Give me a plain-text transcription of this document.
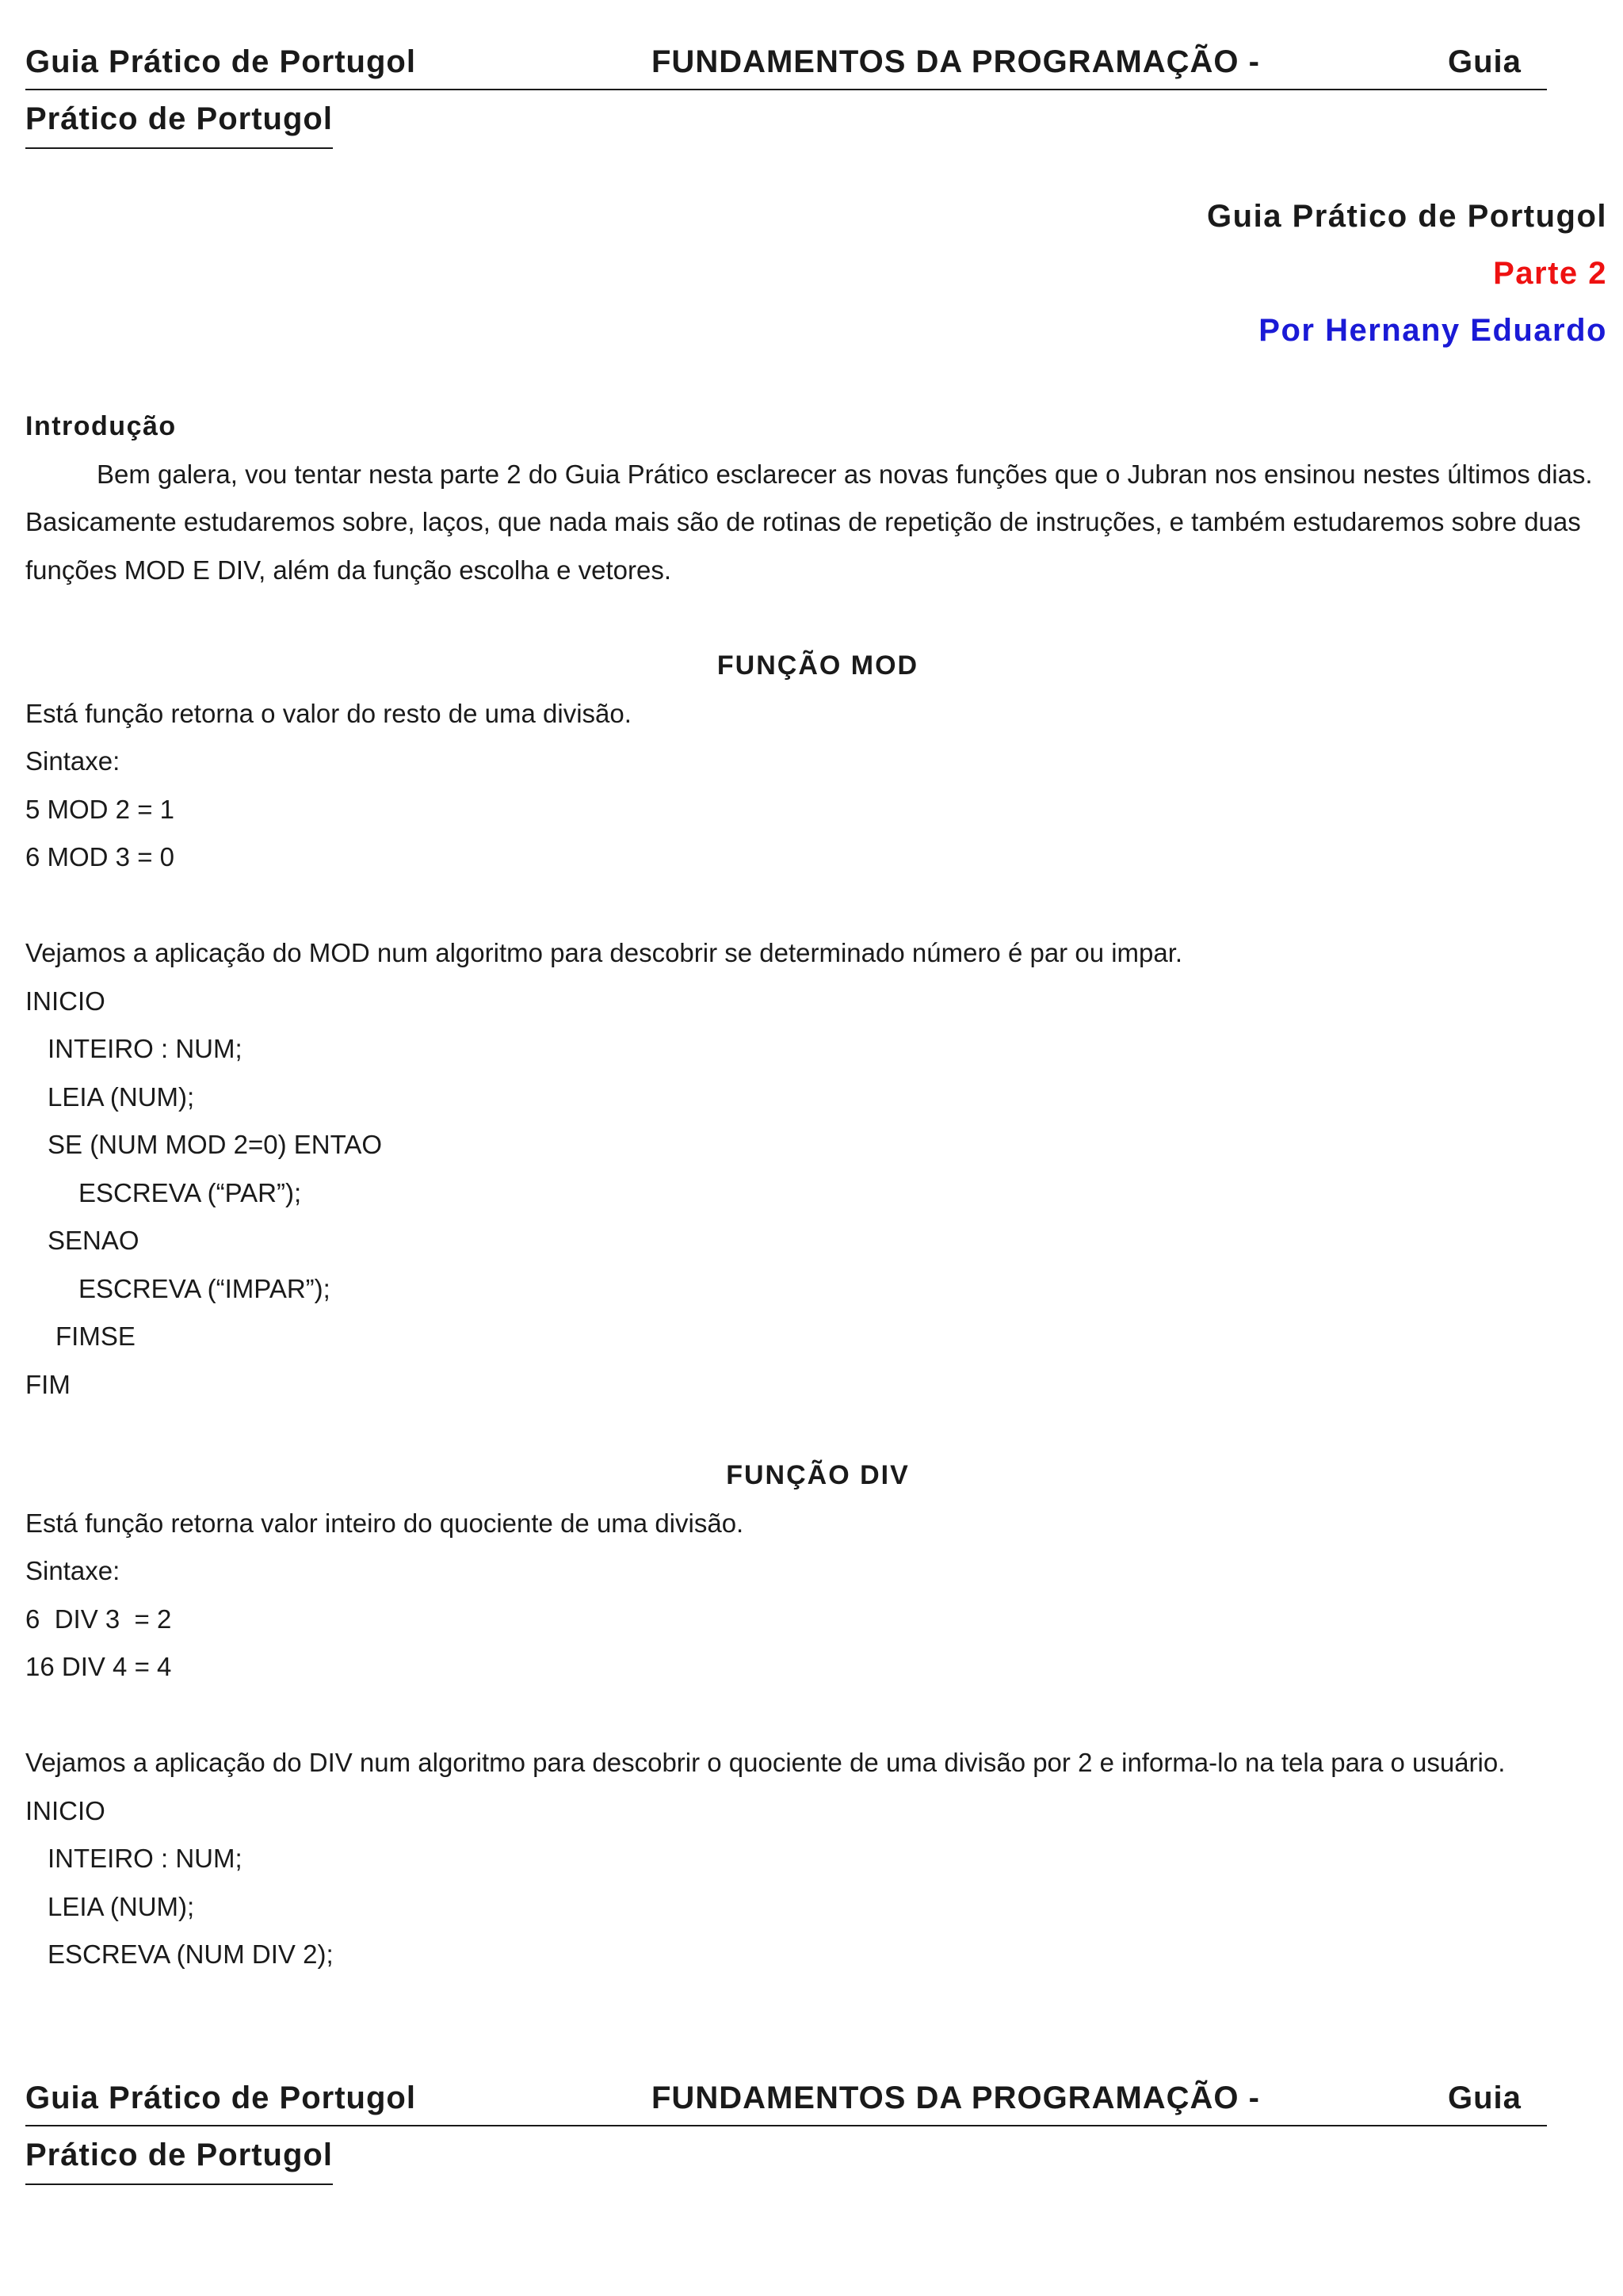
Guia Prático de Portugol	FUNDAMENTOS DA PROGRAMAÇÃO -	Guia
Prático de Portugol
Guia Prático de Portugol
Parte 2
Por Hernany Eduardo
Introdução
Bem galera, vou tentar nesta parte 2 do Guia Prático esclarecer as novas funções que o Jubran nos ensinou nestes últimos dias. Basicamente estudaremos sobre, laços, que nada mais são de rotinas de repetição de instruções, e também estudaremos sobre duas funções MOD E DIV, além da função escolha e vetores.
FUNÇÃO MOD
Está função retorna o valor do resto de uma divisão.
Sintaxe:
5 MOD 2 = 1
6 MOD 3 = 0

Vejamos a aplicação do MOD num algoritmo para descobrir se determinado número é par ou impar.
INICIO
INTEIRO : NUM;
LEIA (NUM);
SE (NUM MOD 2=0) ENTAO
ESCREVA (“PAR”);
SENAO
ESCREVA (“IMPAR”);
FIMSE
FIM
FUNÇÃO DIV
Está função retorna valor inteiro do quociente de uma divisão.
Sintaxe:
6  DIV 3  = 2
16 DIV 4 = 4

Vejamos a aplicação do DIV num algoritmo para descobrir o quociente de uma divisão por 2 e informa-lo na tela para o usuário.
INICIO
INTEIRO : NUM;
LEIA (NUM);
ESCREVA (NUM DIV 2);
Guia Prático de Portugol	FUNDAMENTOS DA PROGRAMAÇÃO -	Guia
Prático de Portugol
